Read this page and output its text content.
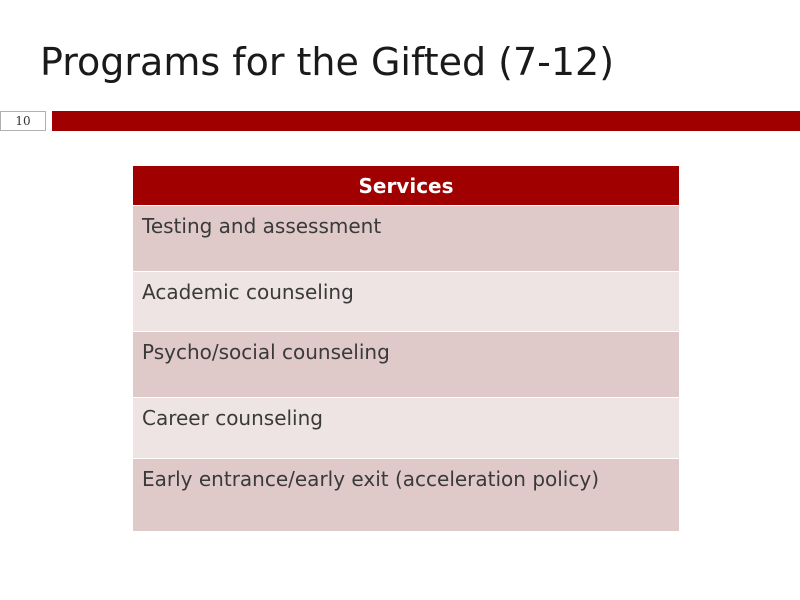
Programs for the Gifted (7-12)
10
Services
Testing and assessment
Academic counseling
Psycho/social counseling
Career counseling
Early entrance/early exit (acceleration policy)
